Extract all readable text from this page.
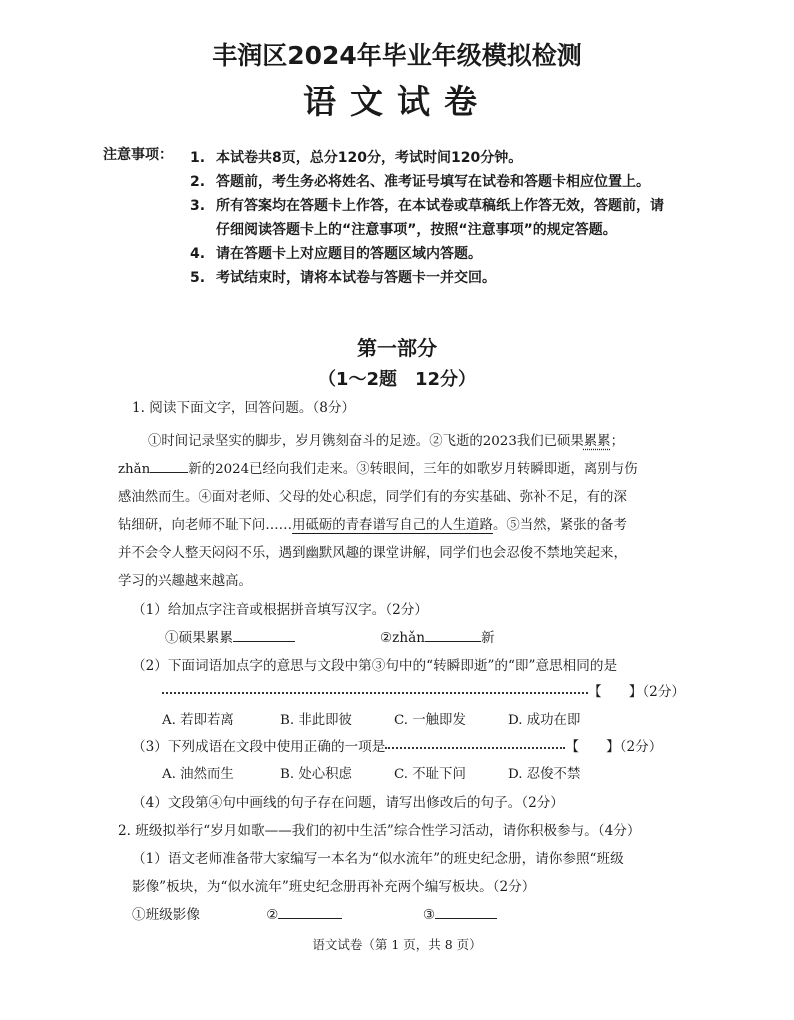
丰润区2024年毕业年级模拟检测
语文试卷
注意事项： 1. 本试卷共8页，总分120分，考试时间120分钟。
2. 答题前，考生务必将姓名、准考证号填写在试卷和答题卡相应位置上。
3. 所有答案均在答题卡上作答，在本试卷或草稿纸上作答无效，答题前，请
仔细阅读答题卡上的“注意事项”，按照“注意事项”的规定答题。
4. 请在答题卡上对应题目的答题区域内答题。
5. 考试结束时，请将本试卷与答题卡一并交回。
第一部分
（1～2题　12分）
1. 阅读下面文字，回答问题。（8分）
①时间记录坚实的脚步，岁月镌刻奋斗的足迹。②飞逝的2023我们已硕果累累；
zhǎn	新的2024已经向我们走来。③转眼间，三年的如歌岁月转瞬即逝，离别与伤
感油然而生。④面对老师、父母的处心积虑，同学们有的夯实基础、弥补不足，有的深
钻细研，向老师不耻下问……用砥砺的青春谱写自己的人生道路。⑤当然，紧张的备考
并不会令人整天闷闷不乐，遇到幽默风趣的课堂讲解，同学们也会忍俊不禁地笑起来，
学习的兴趣越来越高。
（1）给加点字注音或根据拼音填写汉字。（2分）
①硕果累累	②zhǎn	新
（2）下面词语加点字的意思与文段中第③句中的“转瞬即逝”的“即”意思相同的是
【　　】（2分）
A. 若即若离	B. 非此即彼	C. 一触即发	D. 成功在即
（3）下列成语在文段中使用正确的一项是	【　　】（2分）
A. 油然而生	B. 处心积虑	C. 不耻下问	D. 忍俊不禁
（4）文段第④句中画线的句子存在问题，请写出修改后的句子。（2分）
2. 班级拟举行“岁月如歌——我们的初中生活”综合性学习活动，请你积极参与。（4分）
（1）语文老师准备带大家编写一本名为“似水流年”的班史纪念册，请你参照“班级
影像”板块，为“似水流年”班史纪念册再补充两个编写板块。（2分）
①班级影像	②	③
语文试卷（第 1 页，共 8 页）
